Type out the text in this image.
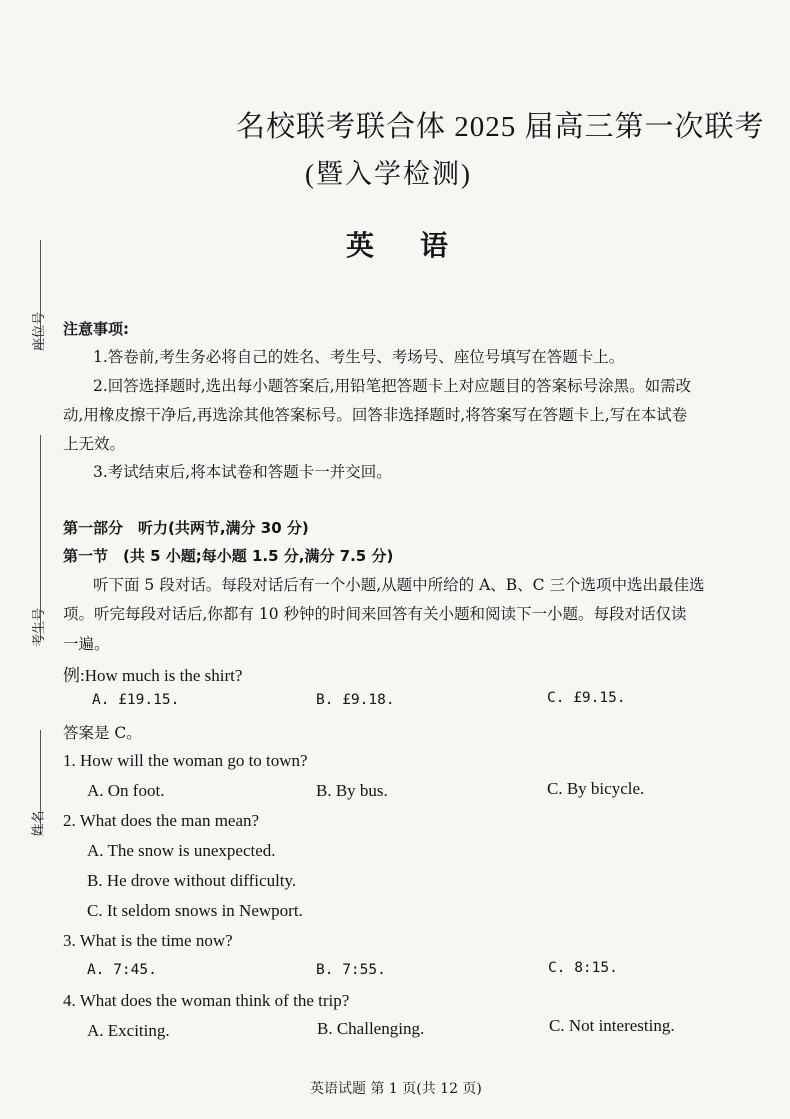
座位号
考生号
姓名
名校联考联合体 2025 届高三第一次联考
(暨入学检测)
英语
注意事项:
1.答卷前,考生务必将自己的姓名、考生号、考场号、座位号填写在答题卡上。
2.回答选择题时,选出每小题答案后,用铅笔把答题卡上对应题目的答案标号涂黑。如需改
动,用橡皮擦干净后,再选涂其他答案标号。回答非选择题时,将答案写在答题卡上,写在本试卷
上无效。
3.考试结束后,将本试卷和答题卡一并交回。
第一部分　听力(共两节,满分 30 分)
第一节　(共 5 小题;每小题 1.5 分,满分 7.5 分)
听下面 5 段对话。每段对话后有一个小题,从题中所给的 A、B、C 三个选项中选出最佳选
项。听完每段对话后,你都有 10 秒钟的时间来回答有关小题和阅读下一小题。每段对话仅读
一遍。
例:How much is the shirt?
A. £19.15.	B. £9.18.	C. £9.15.
答案是 C。
1. How will the woman go to town?
A. On foot.	B. By bus.	C. By bicycle.
2. What does the man mean?
A. The snow is unexpected.
B. He drove without difficulty.
C. It seldom snows in Newport.
3. What is the time now?
A. 7:45.	B. 7:55.	C. 8:15.
4. What does the woman think of the trip?
A. Exciting.	B. Challenging.	C. Not interesting.
英语试题 第 1 页(共 12 页)
